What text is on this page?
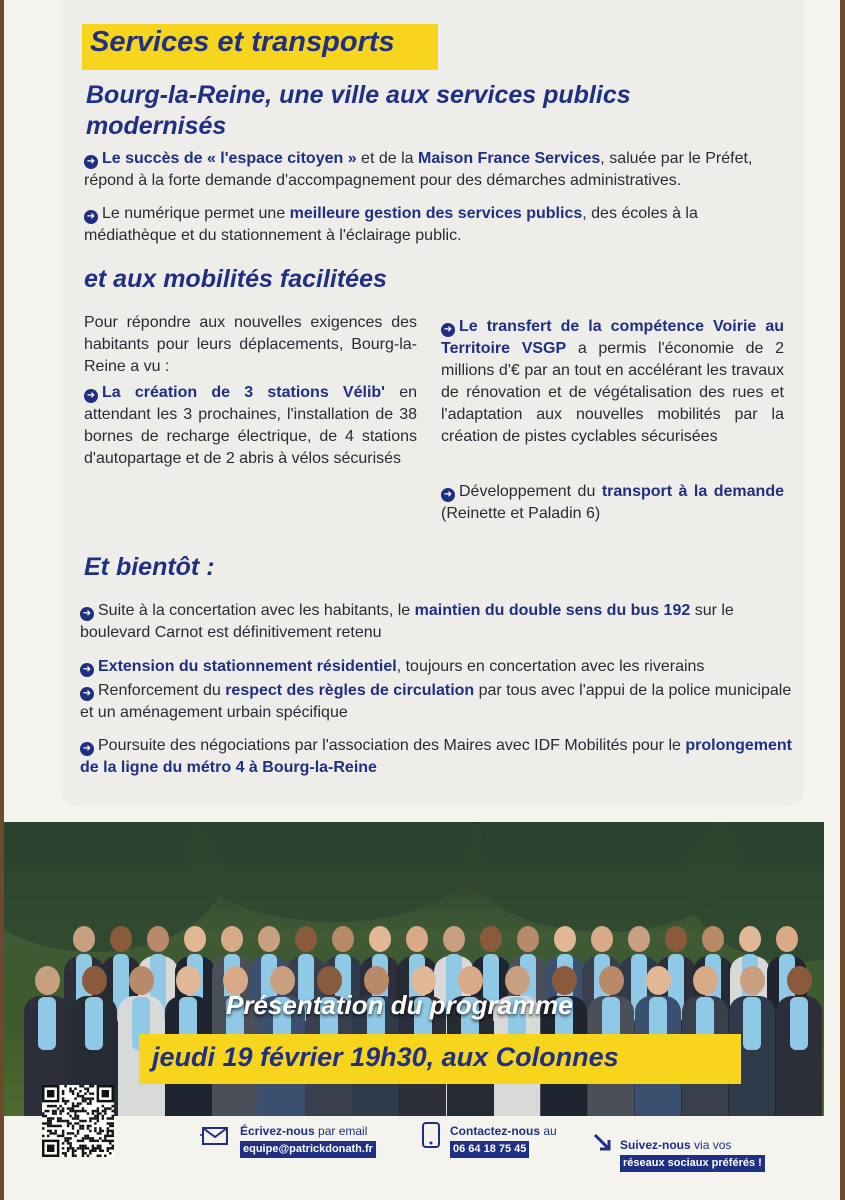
Services et transports
Bourg-la-Reine, une ville aux services publics modernisés

➜ Le succès de « l'espace citoyen » et de la Maison France Services, saluée par le Préfet, répond à la forte demande d'accompagnement pour des démarches administratives.

➜ Le numérique permet une meilleure gestion des services publics, des écoles à la médiathèque et du stationnement à l'éclairage public.

et aux mobilités facilitées

Pour répondre aux nouvelles exigences des habitants pour leurs déplacements, Bourg-la-Reine a vu :

➜ La création de 3 stations Vélib' en attendant les 3 prochaines, l'installation de 38 bornes de recharge électrique, de 4 stations d'autopartage et de 2 abris à vélos sécurisés

➜ Le transfert de la compétence Voirie au Territoire VSGP a permis l'économie de 2 millions d'€ par an tout en accélérant les travaux de rénovation et de végétalisation des rues et l'adaptation aux nouvelles mobilités par la création de pistes cyclables sécurisées

➜ Développement du transport à la demande (Reinette et Paladin 6)

Et bientôt :

➜ Suite à la concertation avec les habitants, le maintien du double sens du bus 192 sur le boulevard Carnot est définitivement retenu

➜ Extension du stationnement résidentiel, toujours en concertation avec les riverains

➜ Renforcement du respect des règles de circulation par tous avec l'appui de la police municipale et un aménagement urbain spécifique

➜ Poursuite des négociations par l'association des Maires avec IDF Mobilités pour le prolongement de la ligne du métro 4 à Bourg-la-Reine

Présentation du programme

jeudi 19 février 19h30, aux Colonnes

Écrivez-nous par email
equipe@patrickdonath.fr
Contactez-nous au
06 64 18 75 45	Suivez-nous via vos
réseaux sociaux préférés !
